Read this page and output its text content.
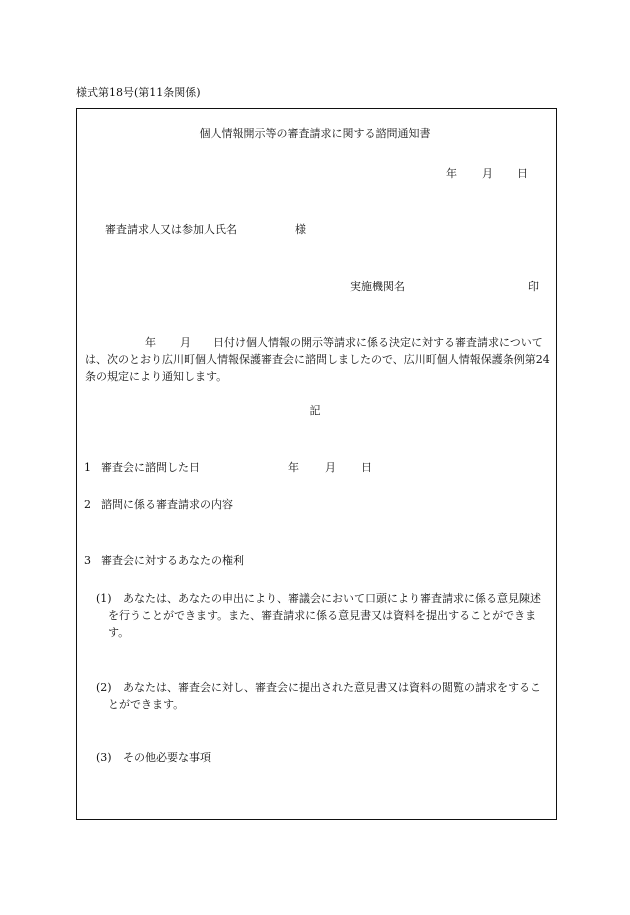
様式第18号(第11条関係)
個人情報開示等の審査請求に関する諮問通知書
年 月 日
審査請求人又は参加人氏名	様
実施機関名	印
年 月 日付け個人情報の開示等請求に係る決定に対する審査請求について は、次のとおり広川町個人情報保護審査会に諮問しましたので、広川町個人情報保護条例第24条の規定により通知します。
記
1 審査会に諮問した日	年 月 日
2 諮問に係る審査請求の内容
3 審査会に対するあなたの権利
(1)	あなたは、あなたの申出により、審議会において口頭により審査請求に係る意見陳述を行うことができます。また、審査請求に係る意見書又は資料を提出することができます。
(2)	あなたは、審査会に対し、審査会に提出された意見書又は資料の閲覧の請求をすることができます。
(3)	その他必要な事項
